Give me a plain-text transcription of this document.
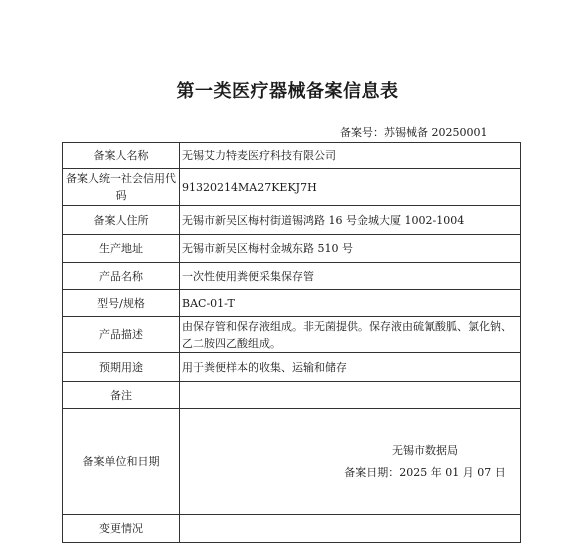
第一类医疗器械备案信息表
备案号：苏锡械备 20250001
备案人名称	无锡艾力特麦医疗科技有限公司
备案人统一社会信用代码	91320214MA27KEKJ7H
备案人住所	无锡市新吴区梅村街道锡鸿路 16 号金城大厦 1002-1004
生产地址	无锡市新吴区梅村金城东路 510 号
产品名称	一次性使用粪便采集保存管
型号/规格	BAC-01-T
产品描述	由保存管和保存液组成。非无菌提供。保存液由硫氰酸胍、氯化钠、乙二胺四乙酸组成。
预期用途	用于粪便样本的收集、运输和储存
备注	
备案单位和日期	无锡市数据局
备案日期：2025 年 01 月 07 日

变更情况	
